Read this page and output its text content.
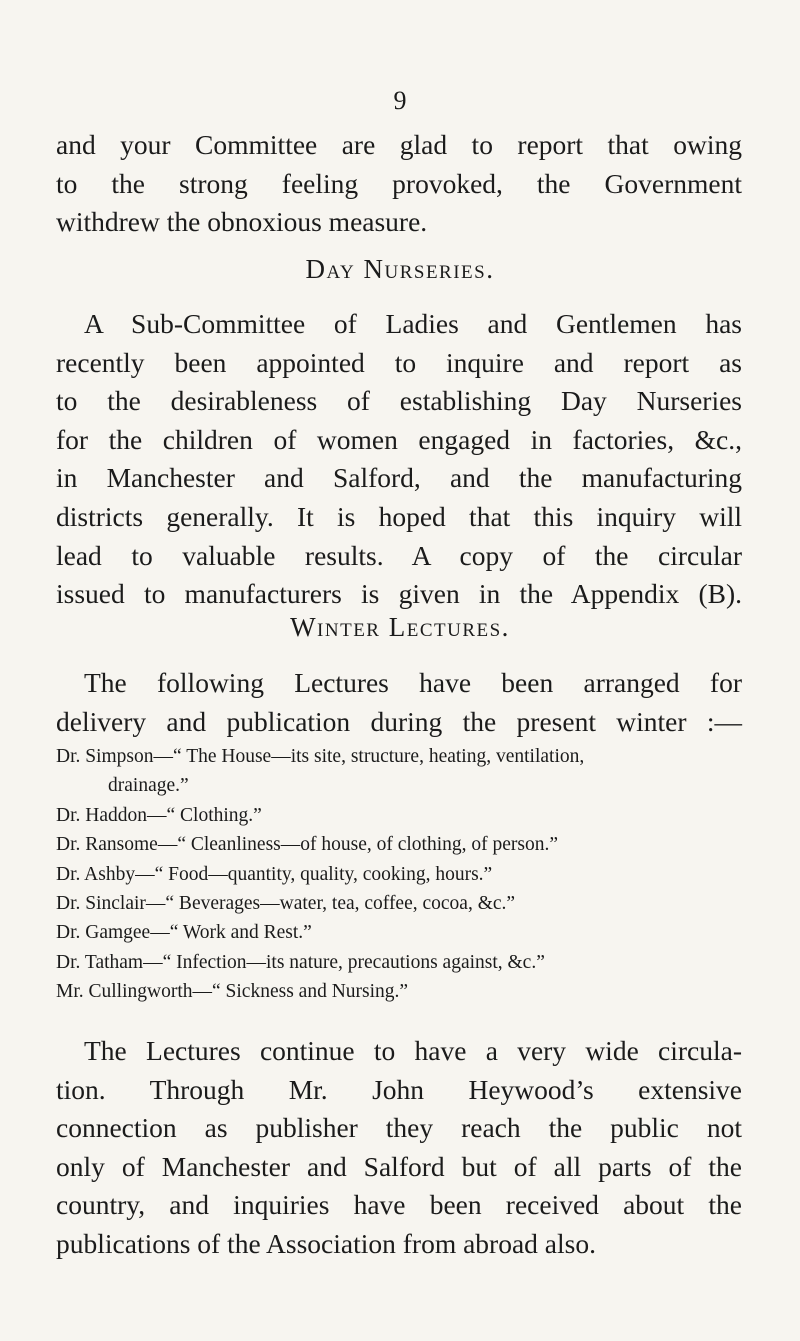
9
and your Committee are glad to report that owing
to the strong feeling provoked, the Government
withdrew the obnoxious measure.
Day Nurseries.
A Sub-Committee of Ladies and Gentlemen has
recently been appointed to inquire and report as
to the desirableness of establishing Day Nurseries
for the children of women engaged in factories, &c.,
in Manchester and Salford, and the manufacturing
districts generally. It is hoped that this inquiry will
lead to valuable results. A copy of the circular
issued to manufacturers is given in the Appendix (B).
Winter Lectures.
The following Lectures have been arranged for
delivery and publication during the present winter :—
Dr. Simpson—“ The House—its site, structure, heating, ventilation,
drainage.”
Dr. Haddon—“ Clothing.”
Dr. Ransome—“ Cleanliness—of house, of clothing, of person.”
Dr. Ashby—“ Food—quantity, quality, cooking, hours.”
Dr. Sinclair—“ Beverages—water, tea, coffee, cocoa, &c.”
Dr. Gamgee—“ Work and Rest.”
Dr. Tatham—“ Infection—its nature, precautions against, &c.”
Mr. Cullingworth—“ Sickness and Nursing.”
The Lectures continue to have a very wide circula-
tion. Through Mr. John Heywood’s extensive
connection as publisher they reach the public not
only of Manchester and Salford but of all parts of the
country, and inquiries have been received about the
publications of the Association from abroad also.
